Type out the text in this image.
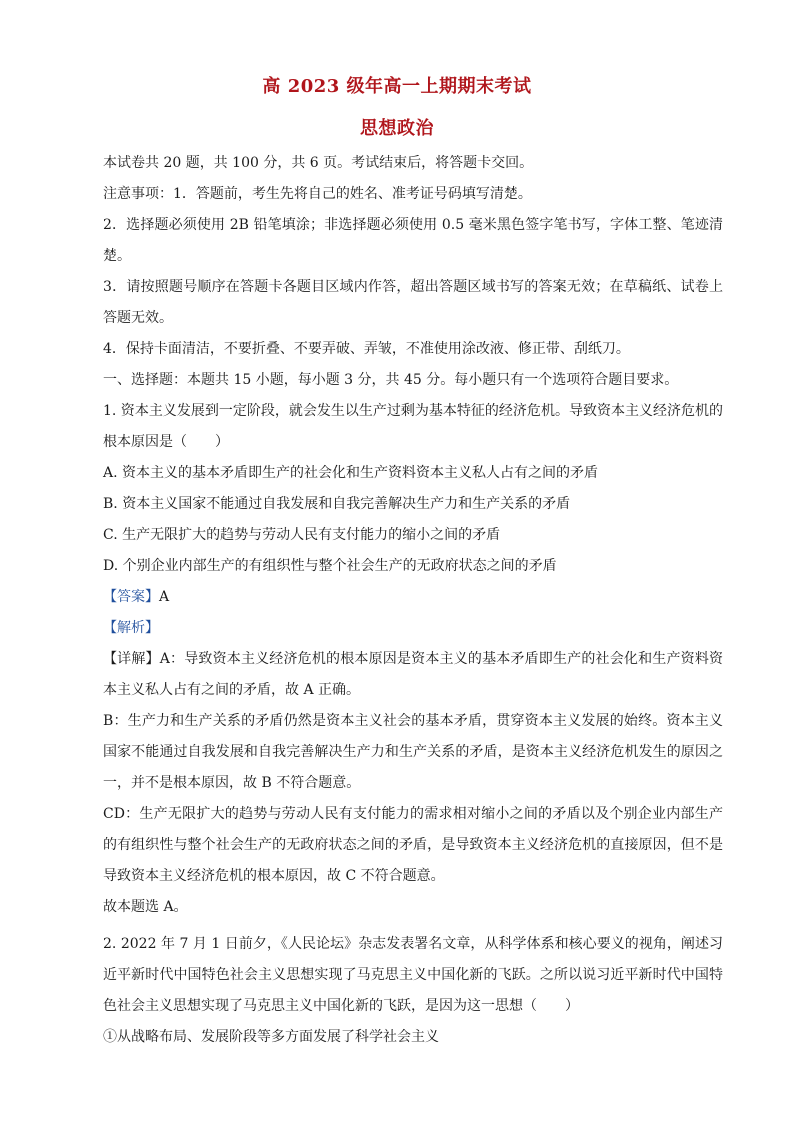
高 2023 级年高一上期期末考试
思想政治

本试卷共 20 题，共 100 分，共 6 页。考试结束后，将答题卡交回。

注意事项：1．答题前，考生先将自己的姓名、准考证号码填写清楚。

2．选择题必须使用 2B 铅笔填涂；非选择题必须使用 0.5 毫米黑色签字笔书写，字体工整、笔迹清楚。

3．请按照题号顺序在答题卡各题目区域内作答，超出答题区域书写的答案无效；在草稿纸、试卷上答题无效。

4．保持卡面清洁，不要折叠、不要弄破、弄皱，不准使用涂改液、修正带、刮纸刀。

一、选择题：本题共 15 小题，每小题 3 分，共 45 分。每小题只有一个选项符合题目要求。

1. 资本主义发展到一定阶段，就会发生以生产过剩为基本特征的经济危机。导致资本主义经济危机的根本原因是（　　）

A. 资本主义的基本矛盾即生产的社会化和生产资料资本主义私人占有之间的矛盾

B. 资本主义国家不能通过自我发展和自我完善解决生产力和生产关系的矛盾

C. 生产无限扩大的趋势与劳动人民有支付能力的缩小之间的矛盾

D. 个别企业内部生产的有组织性与整个社会生产的无政府状态之间的矛盾

【答案】A

【解析】

【详解】A：导致资本主义经济危机的根本原因是资本主义的基本矛盾即生产的社会化和生产资料资本主义私人占有之间的矛盾，故 A 正确。

B：生产力和生产关系的矛盾仍然是资本主义社会的基本矛盾，贯穿资本主义发展的始终。资本主义国家不能通过自我发展和自我完善解决生产力和生产关系的矛盾，是资本主义经济危机发生的原因之一，并不是根本原因，故 B 不符合题意。

CD：生产无限扩大的趋势与劳动人民有支付能力的需求相对缩小之间的矛盾以及个别企业内部生产的有组织性与整个社会生产的无政府状态之间的矛盾，是导致资本主义经济危机的直接原因，但不是导致资本主义经济危机的根本原因，故 C 不符合题意。

故本题选 A。

2. 2022 年 7 月 1 日前夕，《人民论坛》杂志发表署名文章，从科学体系和核心要义的视角，阐述习近平新时代中国特色社会主义思想实现了马克思主义中国化新的飞跃。之所以说习近平新时代中国特色社会主义思想实现了马克思主义中国化新的飞跃，是因为这一思想（　　）

①从战略布局、发展阶段等多方面发展了科学社会主义
